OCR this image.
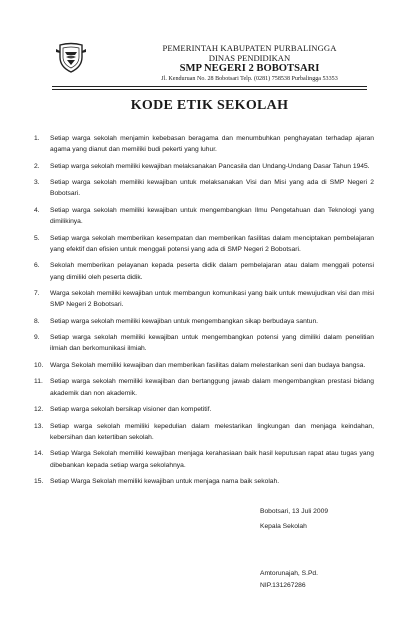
PEMERINTAH KABUPATEN PURBALINGGA
DINAS PENDIDIKAN
SMP NEGERI 2 BOBOTSARI
Jl. Kenduruan No. 28 Bobotsari Telp. (0281) 758538 Purbalingga 53353
KODE ETIK SEKOLAH
1.	Setiap warga sekolah menjamin kebebasan beragama dan menumbuhkan penghayatan terhadap ajaran agama yang dianut dan memiliki budi pekerti yang luhur.
2.	Setiap warga sekolah memiliki kewajiban melaksanakan Pancasila dan Undang-Undang Dasar Tahun 1945.
3.	Setiap warga sekolah memiliki kewajiban untuk melaksanakan Visi dan Misi yang ada di SMP Negeri 2 Bobotsari.
4.	Setiap warga sekolah memiliki kewajiban untuk mengembangkan Ilmu Pengetahuan dan Teknologi yang dimilikinya.
5.	Setiap warga sekolah memberikan kesempatan dan memberikan fasilitas dalam menciptakan pembelajaran yang efektif dan efisien untuk menggali potensi yang ada di SMP Negeri 2 Bobotsari.
6.	Sekolah memberikan pelayanan kepada peserta didik dalam pembelajaran atau dalam menggali potensi yang dimiliki oleh peserta didik.
7.	Warga sekolah memiliki kewajiban untuk membangun komunikasi yang baik untuk mewujudkan visi dan misi SMP Negeri 2 Bobotsari.
8.	Setiap warga sekolah memiliki kewajiban untuk mengembangkan sikap berbudaya santun.
9.	Setiap warga sekolah memiliki kewajiban untuk mengembangkan potensi yang dimiliki dalam penelitian ilmiah dan berkomunikasi ilmiah.
10.	Warga Sekolah memiliki kewajiban dan memberikan fasilitas dalam melestarikan seni dan budaya bangsa.
11.	Setiap warga sekolah memiliki kewajiban dan bertanggung jawab dalam mengembangkan prestasi bidang akademik dan non akademik.
12.	Setiap warga sekolah bersikap visioner dan kompetitif.
13.	Setiap warga sekolah memiliki kepedulian dalam melestarikan lingkungan dan menjaga keindahan, kebersihan dan ketertiban sekolah.
14.	Setiap Warga Sekolah memiliki kewajiban menjaga kerahasiaan baik hasil keputusan rapat atau tugas yang dibebankan kepada setiap warga sekolahnya.
15.	Setiap Warga Sekolah memiliki kewajiban untuk menjaga nama baik sekolah.
Bobotsari, 13 Juli 2009
Kepala Sekolah
Amtorunajah, S.Pd.
NIP.131267286
